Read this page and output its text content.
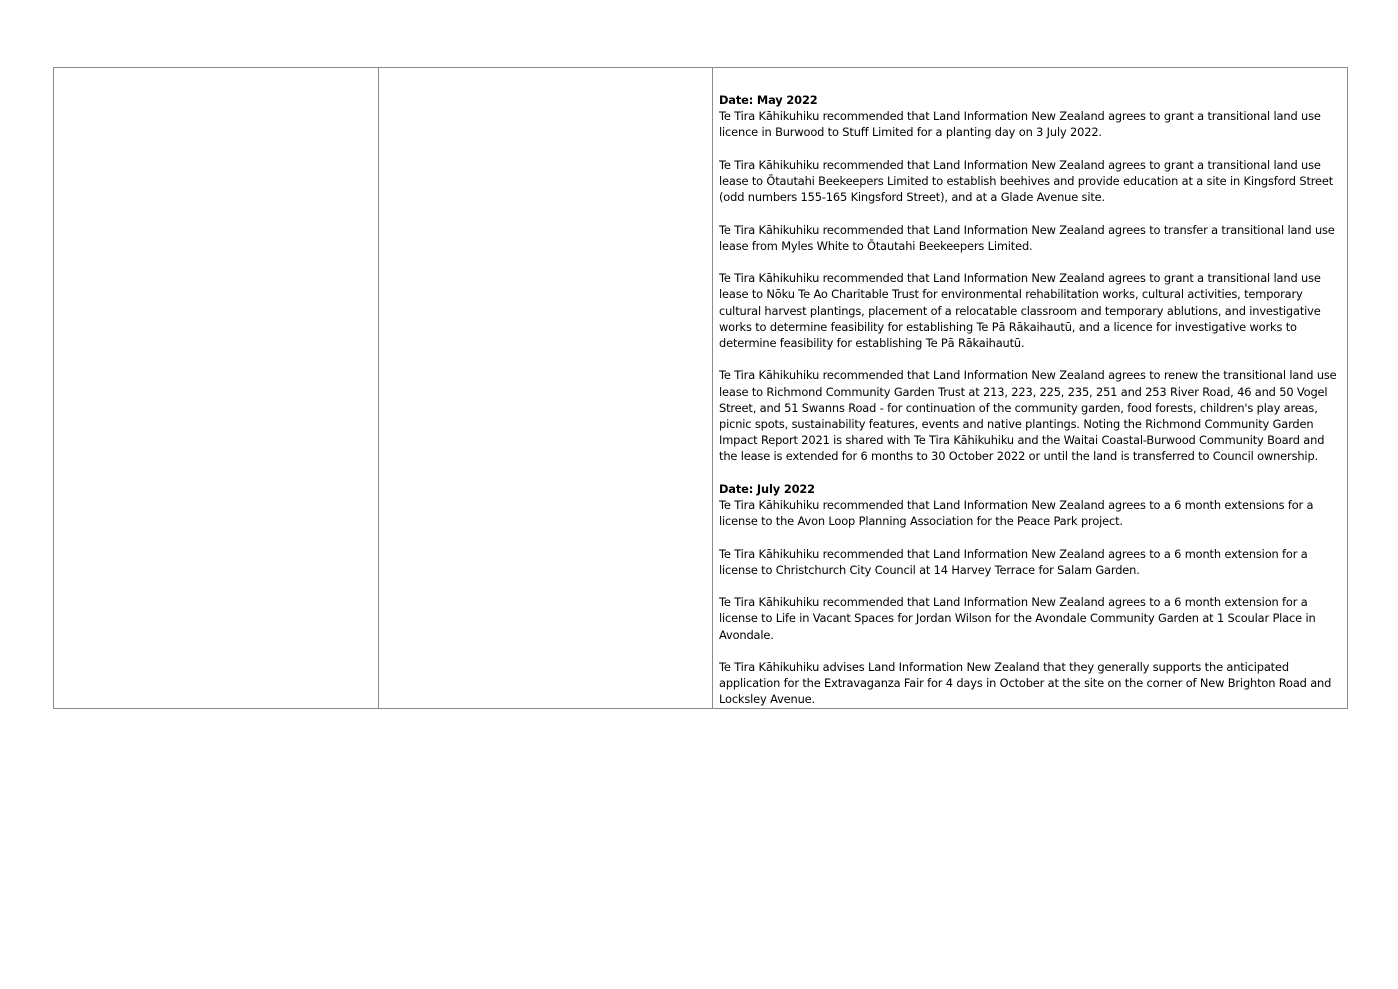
Date: May 2022

Te Tira Kāhikuhiku recommended that Land Information New Zealand agrees to grant a transitional land use licence in Burwood to Stuff Limited for a planting day on 3 July 2022.

Te Tira Kāhikuhiku recommended that Land Information New Zealand agrees to grant a transitional land use lease to Ōtautahi Beekeepers Limited to establish beehives and provide education at a site in Kingsford Street (odd numbers 155-165 Kingsford Street), and at a Glade Avenue site.

Te Tira Kāhikuhiku recommended that Land Information New Zealand agrees to transfer a transitional land use lease from Myles White to Ōtautahi Beekeepers Limited.

Te Tira Kāhikuhiku recommended that Land Information New Zealand agrees to grant a transitional land use lease to Nōku Te Ao Charitable Trust for environmental rehabilitation works, cultural activities, temporary cultural harvest plantings, placement of a relocatable classroom and temporary ablutions, and investigative works to determine feasibility for establishing Te Pā Rākaihautū, and a licence for investigative works to determine feasibility for establishing Te Pā Rākaihautū.

Te Tira Kāhikuhiku recommended that Land Information New Zealand agrees to renew the transitional land use lease to Richmond Community Garden Trust at 213, 223, 225, 235, 251 and 253 River Road, 46 and 50 Vogel Street, and 51 Swanns Road - for continuation of the community garden, food forests, children's play areas, picnic spots, sustainability features, events and native plantings. Noting the Richmond Community Garden Impact Report 2021 is shared with Te Tira Kāhikuhiku and the Waitai Coastal-Burwood Community Board and the lease is extended for 6 months to 30 October 2022 or until the land is transferred to Council ownership.

Date: July 2022

Te Tira Kāhikuhiku recommended that Land Information New Zealand agrees to a 6 month extensions for a license to the Avon Loop Planning Association for the Peace Park project.

Te Tira Kāhikuhiku recommended that Land Information New Zealand agrees to a 6 month extension for a license to Christchurch City Council at 14 Harvey Terrace for Salam Garden.

Te Tira Kāhikuhiku recommended that Land Information New Zealand agrees to a 6 month extension for a license to Life in Vacant Spaces for Jordan Wilson for the Avondale Community Garden at 1 Scoular Place in Avondale.

Te Tira Kāhikuhiku advises Land Information New Zealand that they generally supports the anticipated application for the Extravaganza Fair for 4 days in October at the site on the corner of New Brighton Road and Locksley Avenue.
